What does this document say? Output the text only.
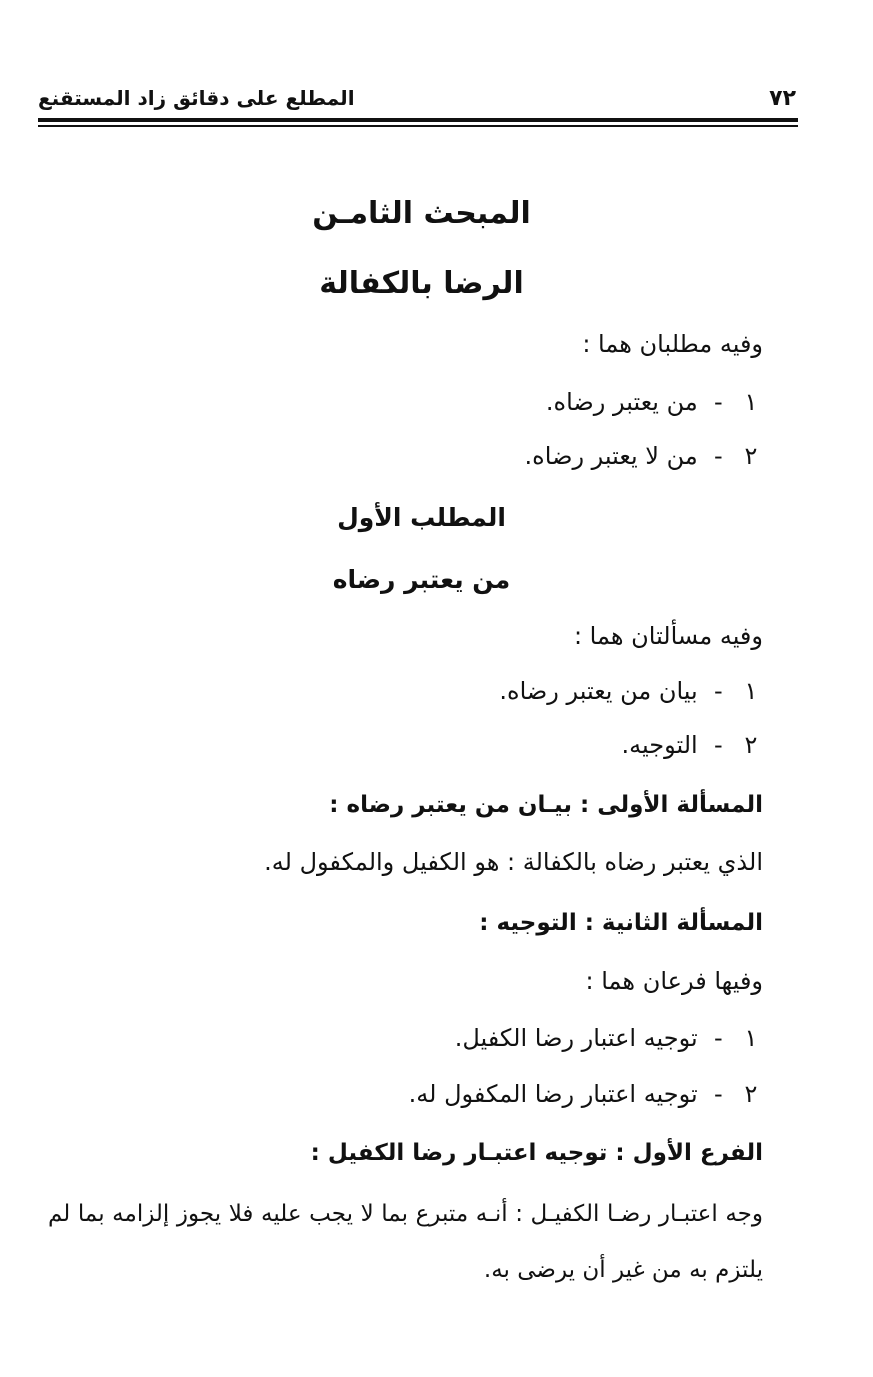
٧٢
المطلع على دقائق زاد المستقنع
المبحث الثامـن
الرضا بالكفالة
وفيه مطلبان هما :
١ - من يعتبر رضاه.
٢ - من لا يعتبر رضاه.
المطلب الأول
من يعتبر رضاه
وفيه مسألتان هما :
١ - بيان من يعتبر رضاه.
٢ - التوجيه.
المسألة الأولى : بيـان من يعتبر رضاه :
الذي يعتبر رضاه بالكفالة : هو الكفيل والمكفول له.
المسألة الثانية : التوجيه :
وفيها فرعان هما :
١ - توجيه اعتبار رضا الكفيل.
٢ - توجيه اعتبار رضا المكفول له.
الفرع الأول : توجيه اعتبـار رضا الكفيل :
وجه اعتبـار رضـا الكفيـل : أنـه متبرع بما لا يجب عليه فلا يجوز إلزامه بما لم يلتزم به من غير أن يرضى به.
